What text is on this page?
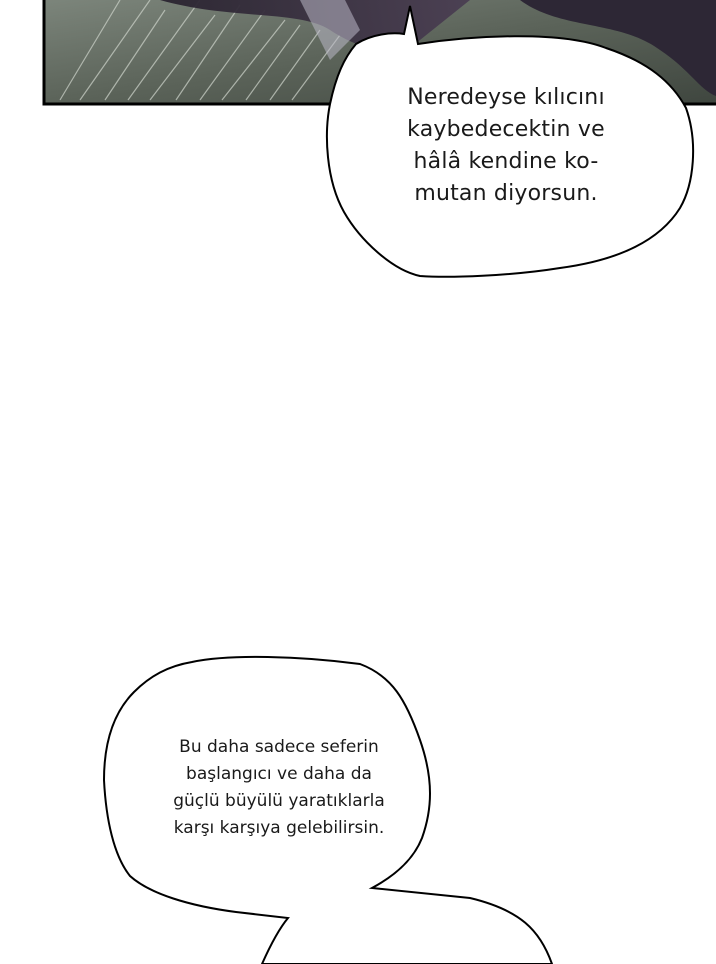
Neredeyse kılıcını
kaybedecektin ve
hâlâ kendine ko-
mutan diyorsun.
Bu daha sadece seferin
başlangıcı ve daha da
güçlü büyülü yaratıklarla
karşı karşıya gelebilirsin.
